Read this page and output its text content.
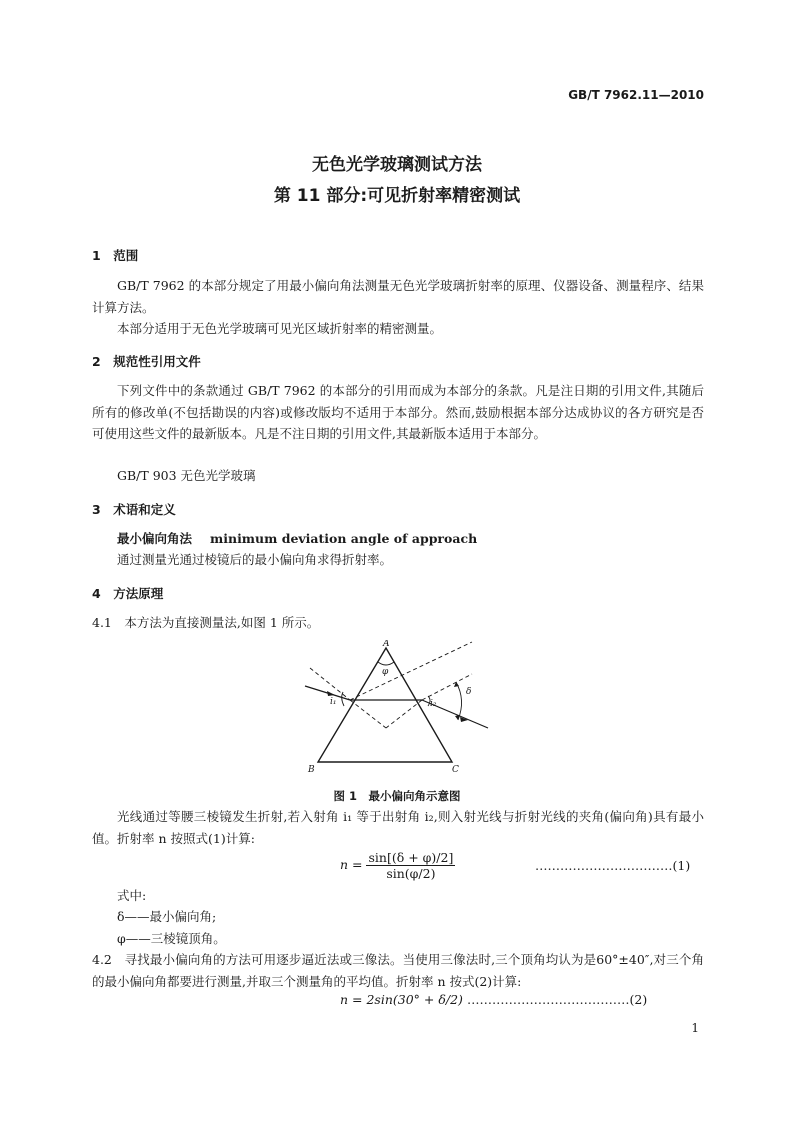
GB/T 7962.11—2010
无色光学玻璃测试方法
第 11 部分:可见折射率精密测试
1　范围
GB/T 7962 的本部分规定了用最小偏向角法测量无色光学玻璃折射率的原理、仪器设备、测量程序、结果计算方法。
本部分适用于无色光学玻璃可见光区域折射率的精密测量。
2　规范性引用文件
下列文件中的条款通过 GB/T 7962 的本部分的引用而成为本部分的条款。凡是注日期的引用文件,其随后所有的修改单(不包括勘误的内容)或修改版均不适用于本部分。然而,鼓励根据本部分达成协议的各方研究是否可使用这些文件的最新版本。凡是不注日期的引用文件,其最新版本适用于本部分。
GB/T 903 无色光学玻璃
3　术语和定义
最小偏向角法 minimum deviation angle of approach
通过测量光通过棱镜后的最小偏向角求得折射率。
4　方法原理
4.1　本方法为直接测量法,如图 1 所示。
A
B	C
φ
δ
i₁	i₂
图 1　最小偏向角示意图
光线通过等腰三棱镜发生折射,若入射角 i₁ 等于出射角 i₂,则入射光线与折射光线的夹角(偏向角)具有最小值。折射率 n 按照式(1)计算:
$n = \frac{\sin[(\delta + \varphi)/2]}{\sin(\varphi/2)}$	……………………………(1)
式中:
δ——最小偏向角;
φ——三棱镜顶角。
4.2　寻找最小偏向角的方法可用逐步逼近法或三像法。当使用三像法时,三个顶角均认为是60°±40″,对三个角的最小偏向角都要进行测量,并取三个测量角的平均值。折射率 n 按式(2)计算:
n = 2sin(30° + δ/2) …………………………………(2)
1
